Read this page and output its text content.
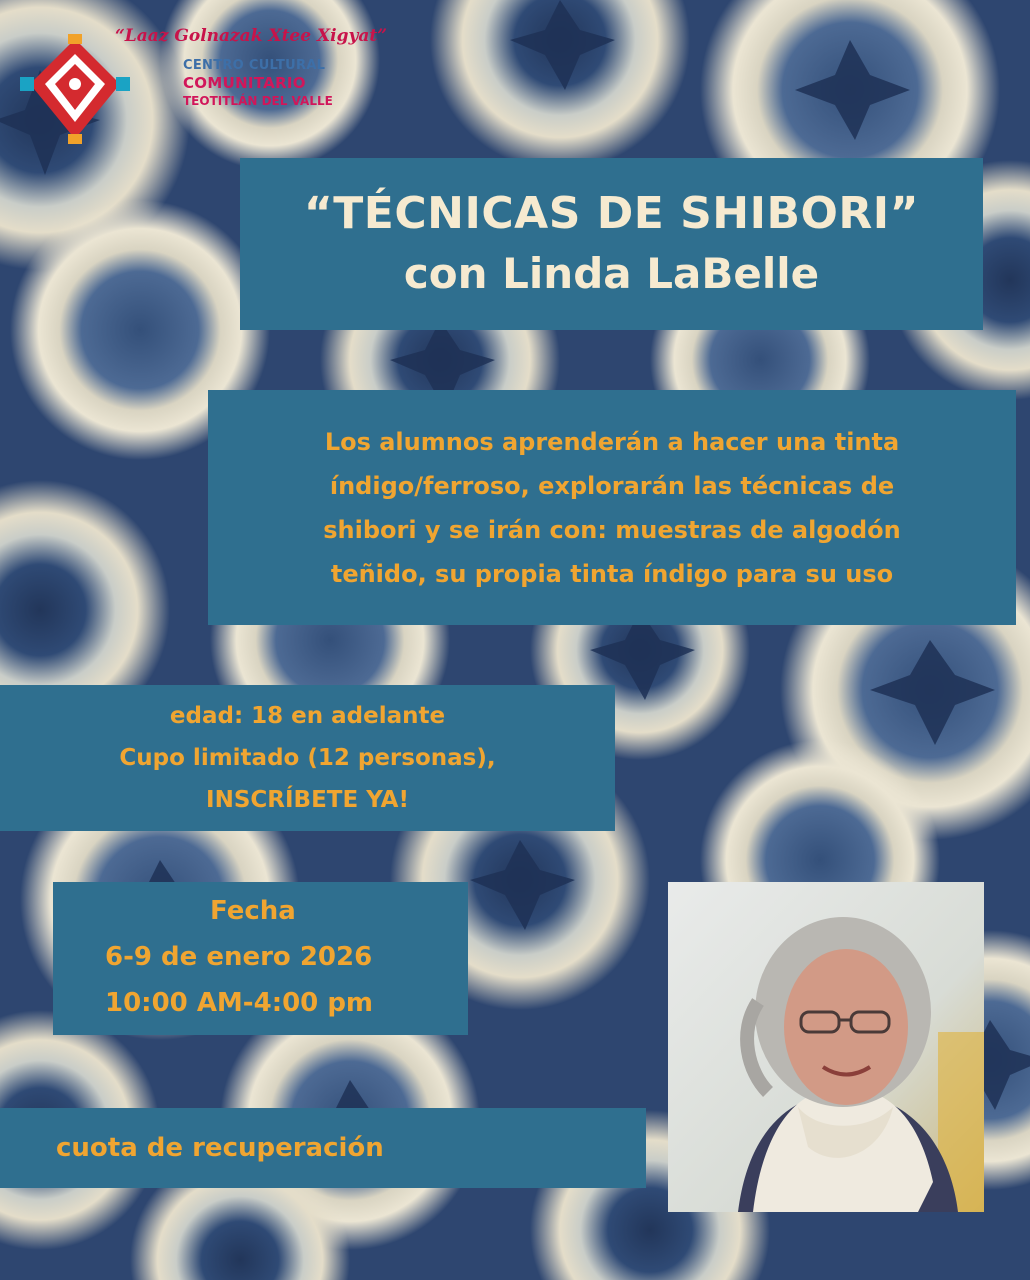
“Laaz Golnazak Xtee Xigyat”
CENTRO CULTURAL
COMUNITARIO
TEOTITLÁN DEL VALLE
“TÉCNICAS DE SHIBORI”
con Linda LaBelle
Los alumnos aprenderán a hacer una tinta
índigo/ferroso, explorarán las técnicas de
shibori y se irán con: muestras de algodón
teñido, su propia tinta índigo para su uso
edad: 18 en adelante
Cupo limitado (12 personas),
INSCRÍBETE YA!
Fecha
6-9 de enero 2026
10:00 AM-4:00 pm
cuota de recuperación
